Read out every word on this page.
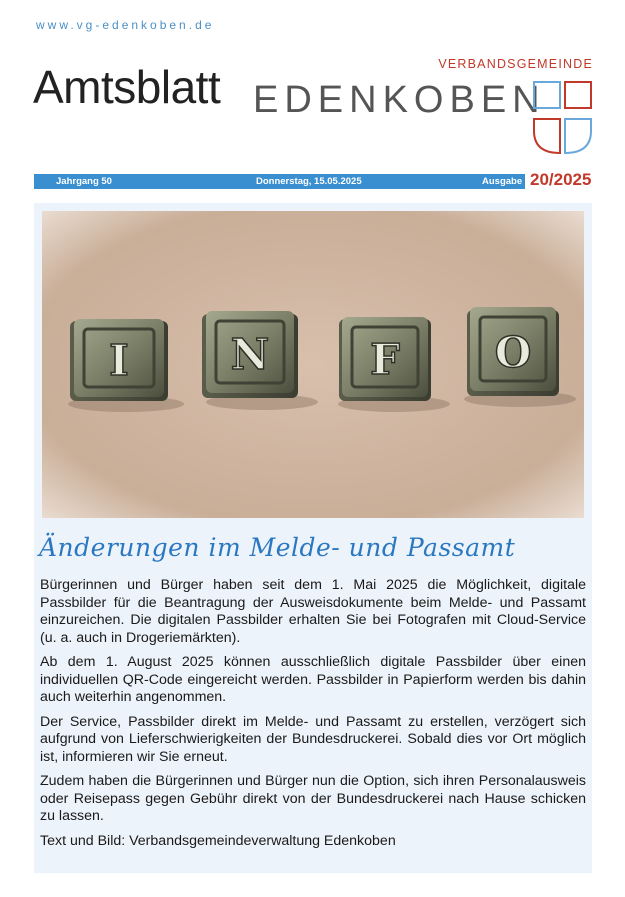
www.vg-edenkoben.de
Amtsblatt	VERBANDSGEMEINDE
EDENKOBEN
Jahrgang 50	Donnerstag, 15.05.2025	Ausgabe 20/2025
I N F O
Änderungen im Melde- und Passamt

Bürgerinnen und Bürger haben seit dem 1. Mai 2025 die Möglichkeit, digitale Passbilder für die Beantragung der Ausweisdokumente beim Melde- und Passamt einzureichen. Die digitalen Passbilder erhalten Sie bei Fotografen mit Cloud-Service (u. a. auch in Drogeriemärkten).

Ab dem 1. August 2025 können ausschließlich digitale Passbilder über einen individuellen QR-Code eingereicht werden. Passbilder in Papierform werden bis dahin auch weiterhin angenommen.

Der Service, Passbilder direkt im Melde- und Passamt zu erstellen, verzögert sich aufgrund von Lieferschwierigkeiten der Bundesdruckerei. Sobald dies vor Ort möglich ist, informieren wir Sie erneut.

Zudem haben die Bürgerinnen und Bürger nun die Option, sich ihren Personalausweis oder Reisepass gegen Gebühr direkt von der Bundesdruckerei nach Hause schicken zu lassen.

Text und Bild: Verbandsgemeindeverwaltung Edenkoben
